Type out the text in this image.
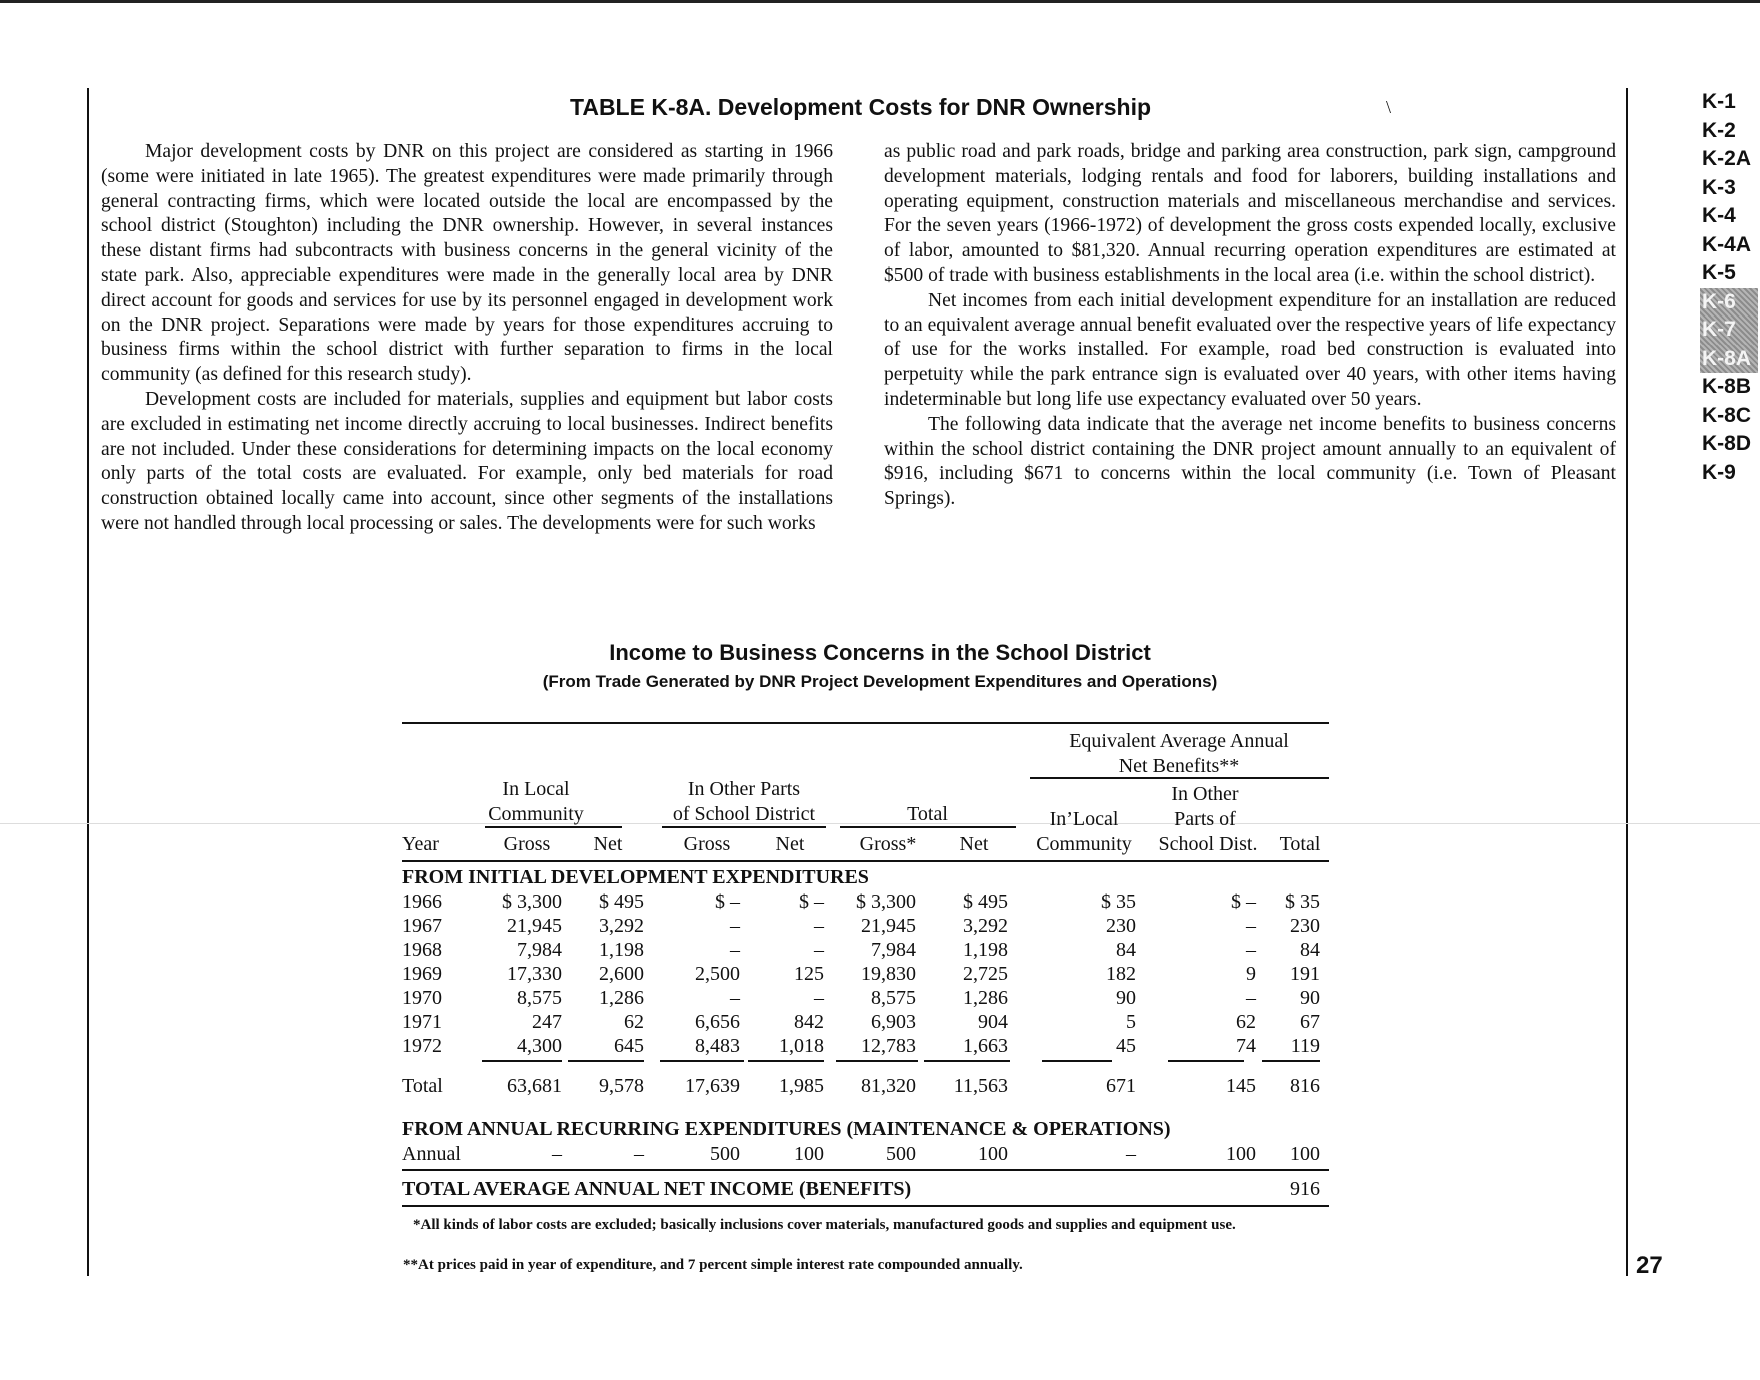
TABLE K-8A. Development Costs for DNR Ownership	\

Major development costs by DNR on this project are considered as starting in 1966 (some were initiated in late 1965). The greatest expenditures were made primarily through general contracting firms, which were located outside the local are encompassed by the school district (Stoughton) including the DNR ownership. However, in several instances these distant firms had subcontracts with business concerns in the general vicinity of the state park. Also, appreciable expenditures were made in the generally local area by DNR direct account for goods and services for use by its personnel engaged in development work on the DNR project. Separations were made by years for those expenditures accruing to business firms within the school district with further separation to firms in the local community (as defined for this research study).

Development costs are included for materials, supplies and equipment but labor costs are excluded in estimating net income directly accruing to local businesses. Indirect benefits are not included. Under these considerations for determining impacts on the local economy only parts of the total costs are evaluated. For example, only bed materials for road construction obtained locally came into account, since other segments of the installations were not handled through local processing or sales. The developments were for such works

as public road and park roads, bridge and parking area construction, park sign, campground development materials, lodging rentals and food for laborers, building installations and operating equipment, construction materials and miscellaneous merchandise and services. For the seven years (1966-1972) of development the gross costs expended locally, exclusive of labor, amounted to $81,320. Annual recurring operation expenditures are estimated at $500 of trade with business establishments in the local area (i.e. within the school district).

Net incomes from each initial development expenditure for an installation are reduced to an equivalent average annual benefit evaluated over the respective years of life expectancy of use for the works installed. For example, road bed construction is evaluated into perpetuity while the park entrance sign is evaluated over 40 years, with other items having indeterminable but long life use expectancy evaluated over 50 years.

The following data indicate that the average net income benefits to business concerns within the school district containing the DNR project amount annually to an equivalent of $916, including $671 to concerns within the local community (i.e. Town of Pleasant Springs).

K-1
K-2
K-2A
K-3
K-4
K-4A
K-5
K-6
K-7
K-8A
K-8B
K-8C
K-8D
K-9
Income to Business Concerns in the School District
(From Trade Generated by DNR Project Development Expenditures and Operations)
Equivalent Average Annual
Net Benefits**
In Local
Community
In Other Parts
of School District	Total
In Other
Parts of
In’Local
Year	Gross	Net	Gross	Net	Gross*	Net	Community	School Dist.	Total
FROM INITIAL DEVELOPMENT EXPENDITURES
1966	$ 3,300	$ 495	$ –	$ –	$ 3,300	$ 495	$ 35	$ –	$ 35
1967	21,945	3,292	–	–	21,945	3,292	230	–	230
1968	7,984	1,198	–	–	7,984	1,198	84	–	84
1969	17,330	2,600	2,500	125	19,830	2,725	182	9	191
1970	8,575	1,286	–	–	8,575	1,286	90	–	90
1971	247	62	6,656	842	6,903	904	5	62	67
1972	4,300	645	8,483	1,018	12,783	1,663	45	74	119
Total	63,681	9,578	17,639	1,985	81,320	11,563	671	145	816
Annual	–	–	500	100	500	100	–	100	100
FROM ANNUAL RECURRING EXPENDITURES (MAINTENANCE & OPERATIONS)
TOTAL AVERAGE ANNUAL NET INCOME (BENEFITS)	916
*All kinds of labor costs are excluded; basically inclusions cover materials, manufactured goods and supplies and equipment use.
**At prices paid in year of expenditure, and 7 percent simple interest rate compounded annually.	27
